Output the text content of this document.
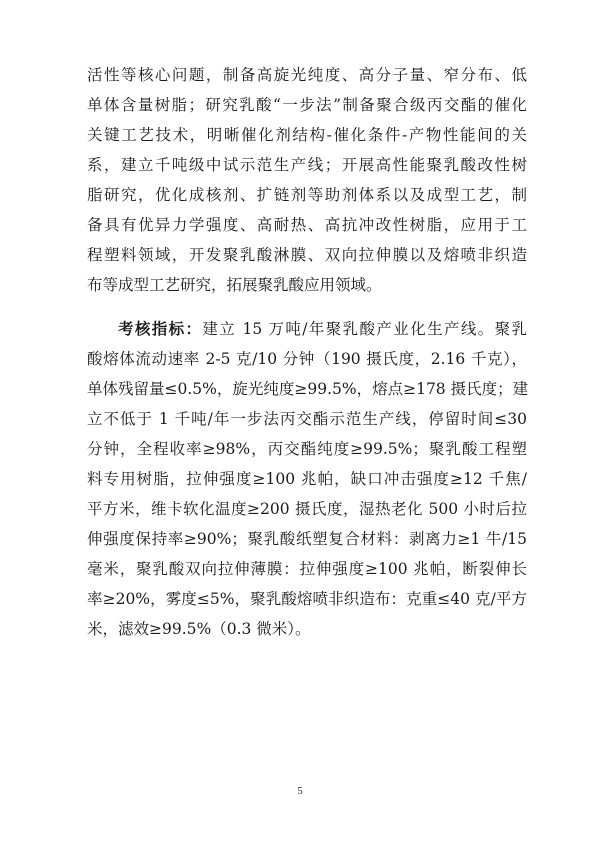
活性等核心问题，制备高旋光纯度、高分子量、窄分布、低
单体含量树脂；研究乳酸“一步法”制备聚合级丙交酯的催化
关键工艺技术，明晰催化剂结构-催化条件-产物性能间的关
系，建立千吨级中试示范生产线；开展高性能聚乳酸改性树
脂研究，优化成核剂、扩链剂等助剂体系以及成型工艺，制
备具有优异力学强度、高耐热、高抗冲改性树脂，应用于工
程塑料领域，开发聚乳酸淋膜、双向拉伸膜以及熔喷非织造
布等成型工艺研究，拓展聚乳酸应用领域。
考核指标：建立 15 万吨/年聚乳酸产业化生产线。聚乳
酸熔体流动速率 2-5 克/10 分钟（190 摄氏度，2.16 千克），
单体残留量≤0.5%，旋光纯度≥99.5%，熔点≥178 摄氏度；建
立不低于 1 千吨/年一步法丙交酯示范生产线，停留时间≤30
分钟，全程收率≥98%，丙交酯纯度≥99.5%；聚乳酸工程塑
料专用树脂，拉伸强度≥100 兆帕，缺口冲击强度≥12 千焦/
平方米，维卡软化温度≥200 摄氏度，湿热老化 500 小时后拉
伸强度保持率≥90%；聚乳酸纸塑复合材料：剥离力≥1 牛/15
毫米，聚乳酸双向拉伸薄膜：拉伸强度≥100 兆帕，断裂伸长
率≥20%，雾度≤5%，聚乳酸熔喷非织造布：克重≤40 克/平方
米，滤效≥99.5%（0.3 微米）。
5
